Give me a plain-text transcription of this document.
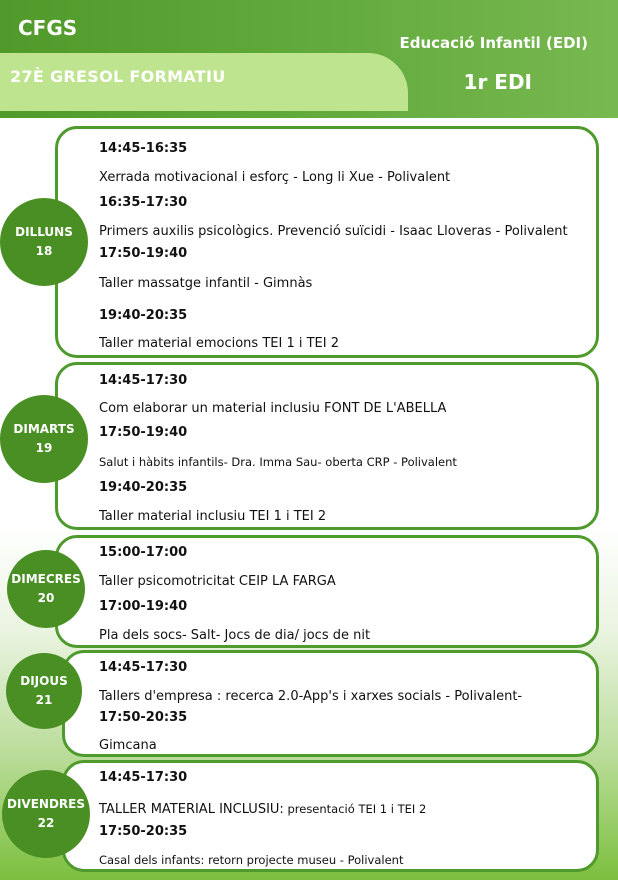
CFGS
27È GRESOL FORMATIU
Educació Infantil (EDI)
1r EDI
DILLUNS
18
14:45-16:35
Xerrada motivacional i esforç - Long li Xue - Polivalent
16:35-17:30
Primers auxilis psicològics. Prevenció suïcidi - Isaac Lloveras - Polivalent
17:50-19:40
Taller massatge infantil - Gimnàs
19:40-20:35
Taller material emocions TEI 1 i TEI 2
DIMARTS
19
14:45-17:30
Com elaborar un material inclusiu FONT DE L'ABELLA
17:50-19:40
Salut i hàbits infantils- Dra. Imma Sau- oberta CRP - Polivalent
19:40-20:35
Taller material inclusiu TEI 1 i TEI 2
DIMECRES
20
15:00-17:00
Taller psicomotricitat CEIP LA FARGA
17:00-19:40
Pla dels socs- Salt- Jocs de dia/ jocs de nit
DIJOUS
21
14:45-17:30
Tallers d'empresa : recerca 2.0-App's i xarxes socials - Polivalent-
17:50-20:35
Gimcana
DIVENDRES
22
14:45-17:30
TALLER MATERIAL INCLUSIU: presentació TEI 1 i TEI 2
17:50-20:35
Casal dels infants: retorn projecte museu - Polivalent
